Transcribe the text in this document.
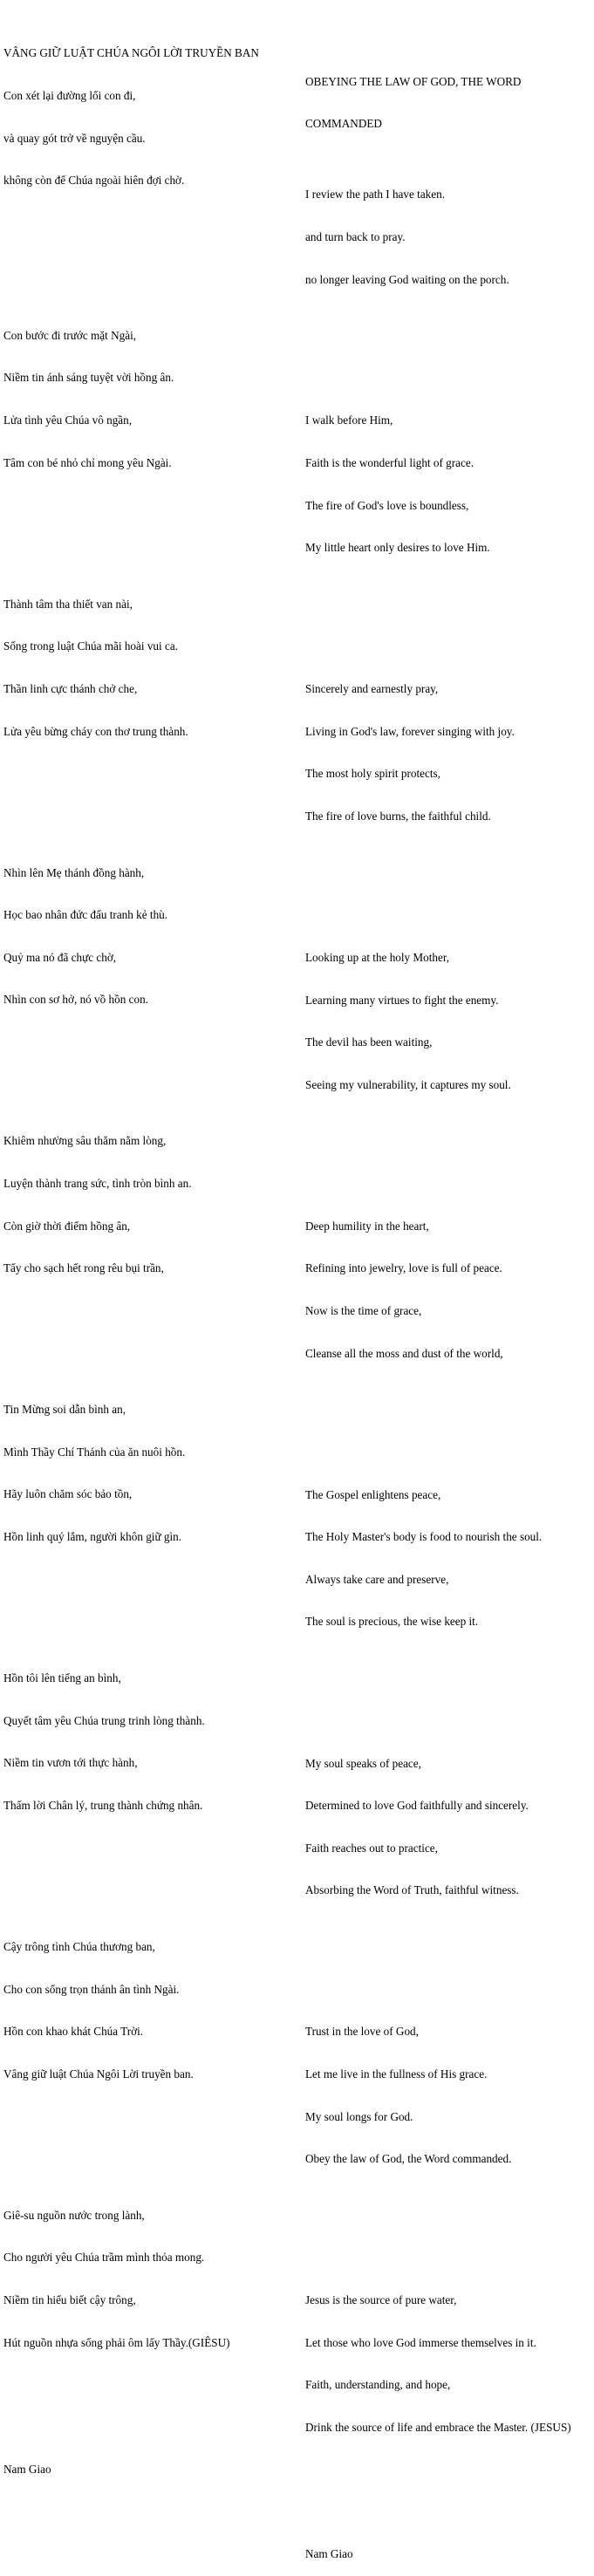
VÂNG GIỮ LUẬT CHÚA NGÔI LỜI TRUYỀN BAN

Con xét lại đường lối con đi,

và quay gót trở về nguyện cầu.

không còn để Chúa ngoài hiên đợi chờ.

Con bước đi trước mặt Ngài,

Niềm tin ánh sáng tuyệt vời hồng ân.

Lửa tình yêu Chúa vô ngần,

Tâm con bé nhỏ chỉ mong yêu Ngài.

Thành tâm tha thiết van nài,

Sống trong luật Chúa mãi hoài vui ca.

Thần linh cực thánh chở che,

Lửa yêu bừng cháy con thơ trung thành.

Nhìn lên Mẹ thánh đồng hành,

Học bao nhân đức đấu tranh kẻ thù.

Quỷ ma nó đã chực chờ,

Nhìn con sơ hở, nó vồ hồn con.

Khiêm nhường sâu thẳm nằm lòng,

Luyện thành trang sức, tình tròn bình an.

Còn giờ thời điểm hồng ân,

Tẩy cho sạch hết rong rêu bụi trần,

Tin Mừng soi dẫn bình an,

Mình Thầy Chí Thánh của ăn nuôi hồn.

Hãy luôn chăm sóc bảo tồn,

Hồn linh quý lắm, người khôn giữ gìn.

Hồn tôi lên tiếng an bình,

Quyết tâm yêu Chúa trung trinh lòng thành.

Niềm tin vươn tới thực hành,

Thấm lời Chân lý, trung thành chứng nhân.

Cậy trông tình Chúa thương ban,

Cho con sống trọn thánh ân tình Ngài.

Hồn con khao khát Chúa Trời.

Vâng giữ luật Chúa Ngôi Lời truyền ban.

Giê-su nguồn nước trong lành,

Cho người yêu Chúa trầm mình thỏa mong.

Niềm tin hiểu biết cậy trông,

Hút nguồn nhựa sống phải ôm lấy Thầy.(GIÊSU)

Nam Giao

OBEYING THE LAW OF GOD, THE WORD

COMMANDED

I review the path I have taken.

and turn back to pray.

no longer leaving God waiting on the porch.

I walk before Him,

Faith is the wonderful light of grace.

The fire of God's love is boundless,

My little heart only desires to love Him.

Sincerely and earnestly pray,

Living in God's law, forever singing with joy.

The most holy spirit protects,

The fire of love burns, the faithful child.

Looking up at the holy Mother,

Learning many virtues to fight the enemy.

The devil has been waiting,

Seeing my vulnerability, it captures my soul.

Deep humility in the heart,

Refining into jewelry, love is full of peace.

Now is the time of grace,

Cleanse all the moss and dust of the world,

The Gospel enlightens peace,

The Holy Master's body is food to nourish the soul.

Always take care and preserve,

The soul is precious, the wise keep it.

My soul speaks of peace,

Determined to love God faithfully and sincerely.

Faith reaches out to practice,

Absorbing the Word of Truth, faithful witness.

Trust in the love of God,

Let me live in the fullness of His grace.

My soul longs for God.

Obey the law of God, the Word commanded.

Jesus is the source of pure water,

Let those who love God immerse themselves in it.

Faith, understanding, and hope,

Drink the source of life and embrace the Master. (JESUS)

Nam Giao
